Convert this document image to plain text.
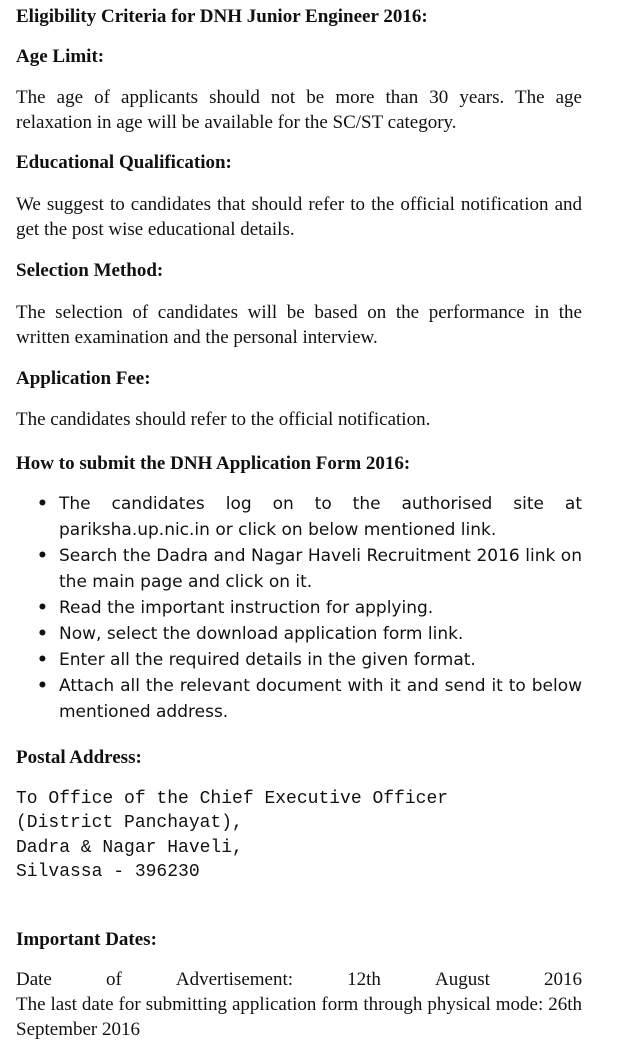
Eligibility Criteria for DNH Junior Engineer 2016:
Age Limit:
The age of applicants should not be more than 30 years. The age relaxation in age will be available for the SC/ST category.
Educational Qualification:
We suggest to candidates that should refer to the official notification and get the post wise educational details.
Selection Method:
The selection of candidates will be based on the performance in the written examination and the personal interview.
Application Fee:
The candidates should refer to the official notification.
How to submit the DNH Application Form 2016:
• The candidates log on to the authorised site at pariksha.up.nic.in or click on below mentioned link.
• Search the Dadra and Nagar Haveli Recruitment 2016 link on the main page and click on it.
• Read the important instruction for applying.
• Now, select the download application form link.
• Enter all the required details in the given format.
• Attach all the relevant document with it and send it to below mentioned address.
Postal Address:
To Office of the Chief Executive Officer
(District Panchayat),
Dadra & Nagar Haveli,
Silvassa - 396230
Important Dates:
Date	of	Advertisement:	12th	August	2016
The last date for submitting application form through physical mode: 26th September 2016
